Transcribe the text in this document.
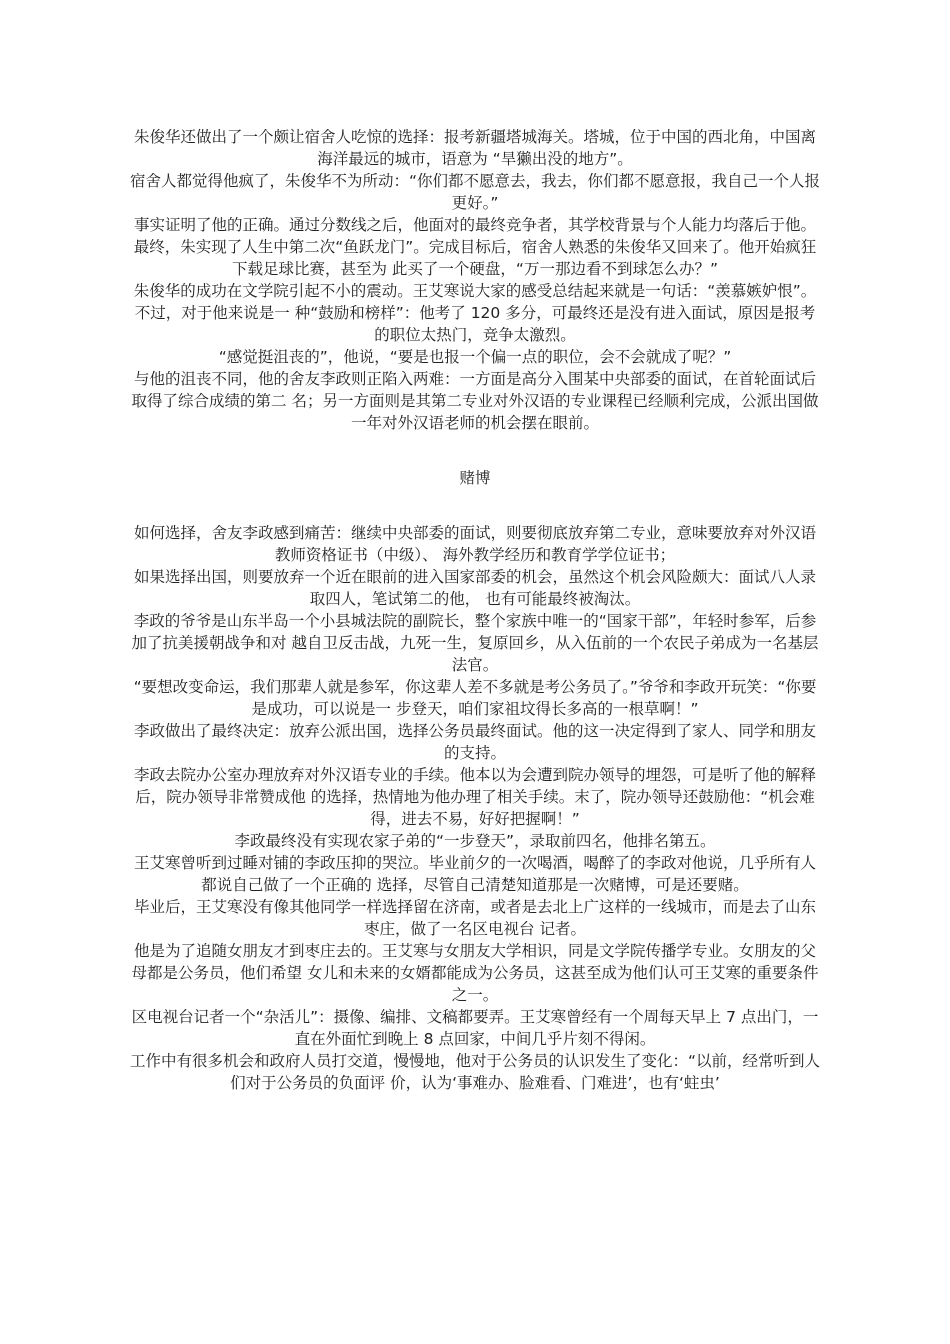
朱俊华还做出了一个颇让宿舍人吃惊的选择：报考新疆塔城海关。塔城，位于中国的西北角，中国离海洋最远的城市，语意为 “旱獭出没的地方”。

宿舍人都觉得他疯了，朱俊华不为所动：“你们都不愿意去，我去，你们都不愿意报，我自己一个人报更好。”

事实证明了他的正确。通过分数线之后，他面对的最终竞争者，其学校背景与个人能力均落后于他。

最终，朱实现了人生中第二次“鱼跃龙门”。完成目标后，宿舍人熟悉的朱俊华又回来了。他开始疯狂下载足球比赛，甚至为 此买了一个硬盘，“万一那边看不到球怎么办？”

朱俊华的成功在文学院引起不小的震动。王艾寒说大家的感受总结起来就是一句话：“羡慕嫉妒恨”。不过，对于他来说是一 种“鼓励和榜样”：他考了 120 多分，可最终还是没有进入面试，原因是报考的职位太热门，竞争太激烈。

“感觉挺沮丧的”，他说，“要是也报一个偏一点的职位，会不会就成了呢？”

与他的沮丧不同，他的舍友李政则正陷入两难：一方面是高分入围某中央部委的面试，在首轮面试后取得了综合成绩的第二 名；另一方面则是其第二专业对外汉语的专业课程已经顺利完成，公派出国做一年对外汉语老师的机会摆在眼前。

赌博

如何选择，舍友李政感到痛苦：继续中央部委的面试，则要彻底放弃第二专业，意味要放弃对外汉语教师资格证书（中级）、 海外教学经历和教育学学位证书；

如果选择出国，则要放弃一个近在眼前的进入国家部委的机会，虽然这个机会风险颇大：面试八人录取四人，笔试第二的他， 也有可能最终被淘汰。

李政的爷爷是山东半岛一个小县城法院的副院长，整个家族中唯一的“国家干部”，年轻时参军，后参加了抗美援朝战争和对 越自卫反击战，九死一生，复原回乡，从入伍前的一个农民子弟成为一名基层法官。

“要想改变命运，我们那辈人就是参军，你这辈人差不多就是考公务员了。”爷爷和李政开玩笑：“你要是成功，可以说是一 步登天，咱们家祖坟得长多高的一根草啊！”

李政做出了最终决定：放弃公派出国，选择公务员最终面试。他的这一决定得到了家人、同学和朋友的支持。

李政去院办公室办理放弃对外汉语专业的手续。他本以为会遭到院办领导的埋怨，可是听了他的解释后，院办领导非常赞成他 的选择，热情地为他办理了相关手续。末了，院办领导还鼓励他：“机会难得，进去不易，好好把握啊！”

李政最终没有实现农家子弟的“一步登天”，录取前四名，他排名第五。

王艾寒曾听到过睡对铺的李政压抑的哭泣。毕业前夕的一次喝酒，喝醉了的李政对他说，几乎所有人都说自己做了一个正确的 选择，尽管自己清楚知道那是一次赌博，可是还要赌。

毕业后，王艾寒没有像其他同学一样选择留在济南，或者是去北上广这样的一线城市，而是去了山东枣庄，做了一名区电视台 记者。

他是为了追随女朋友才到枣庄去的。王艾寒与女朋友大学相识，同是文学院传播学专业。女朋友的父母都是公务员，他们希望 女儿和未来的女婿都能成为公务员，这甚至成为他们认可王艾寒的重要条件之一。

区电视台记者一个“杂活儿”：摄像、编排、文稿都要弄。王艾寒曾经有一个周每天早上 7 点出门，一直在外面忙到晚上 8 点回家，中间几乎片刻不得闲。

工作中有很多机会和政府人员打交道，慢慢地，他对于公务员的认识发生了变化：“以前，经常听到人们对于公务员的负面评 价，认为‘事难办、脸难看、门难进’，也有‘蛀虫’
